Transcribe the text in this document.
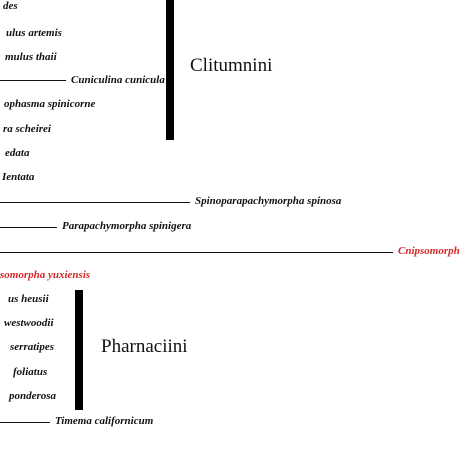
des
ulus artemis
mulus thaii
Cuniculina cunicula
ophasma spinicorne
ra scheirei
edata
Ientata
Spinoparapachymorpha spinosa
Parapachymorpha spinigera
Cnipsomorph
somorpha yuxiensis
us heusii
westwoodii
serratipes
foliatus
ponderosa
Timema californicum
Clitumnini
Pharnaciini
